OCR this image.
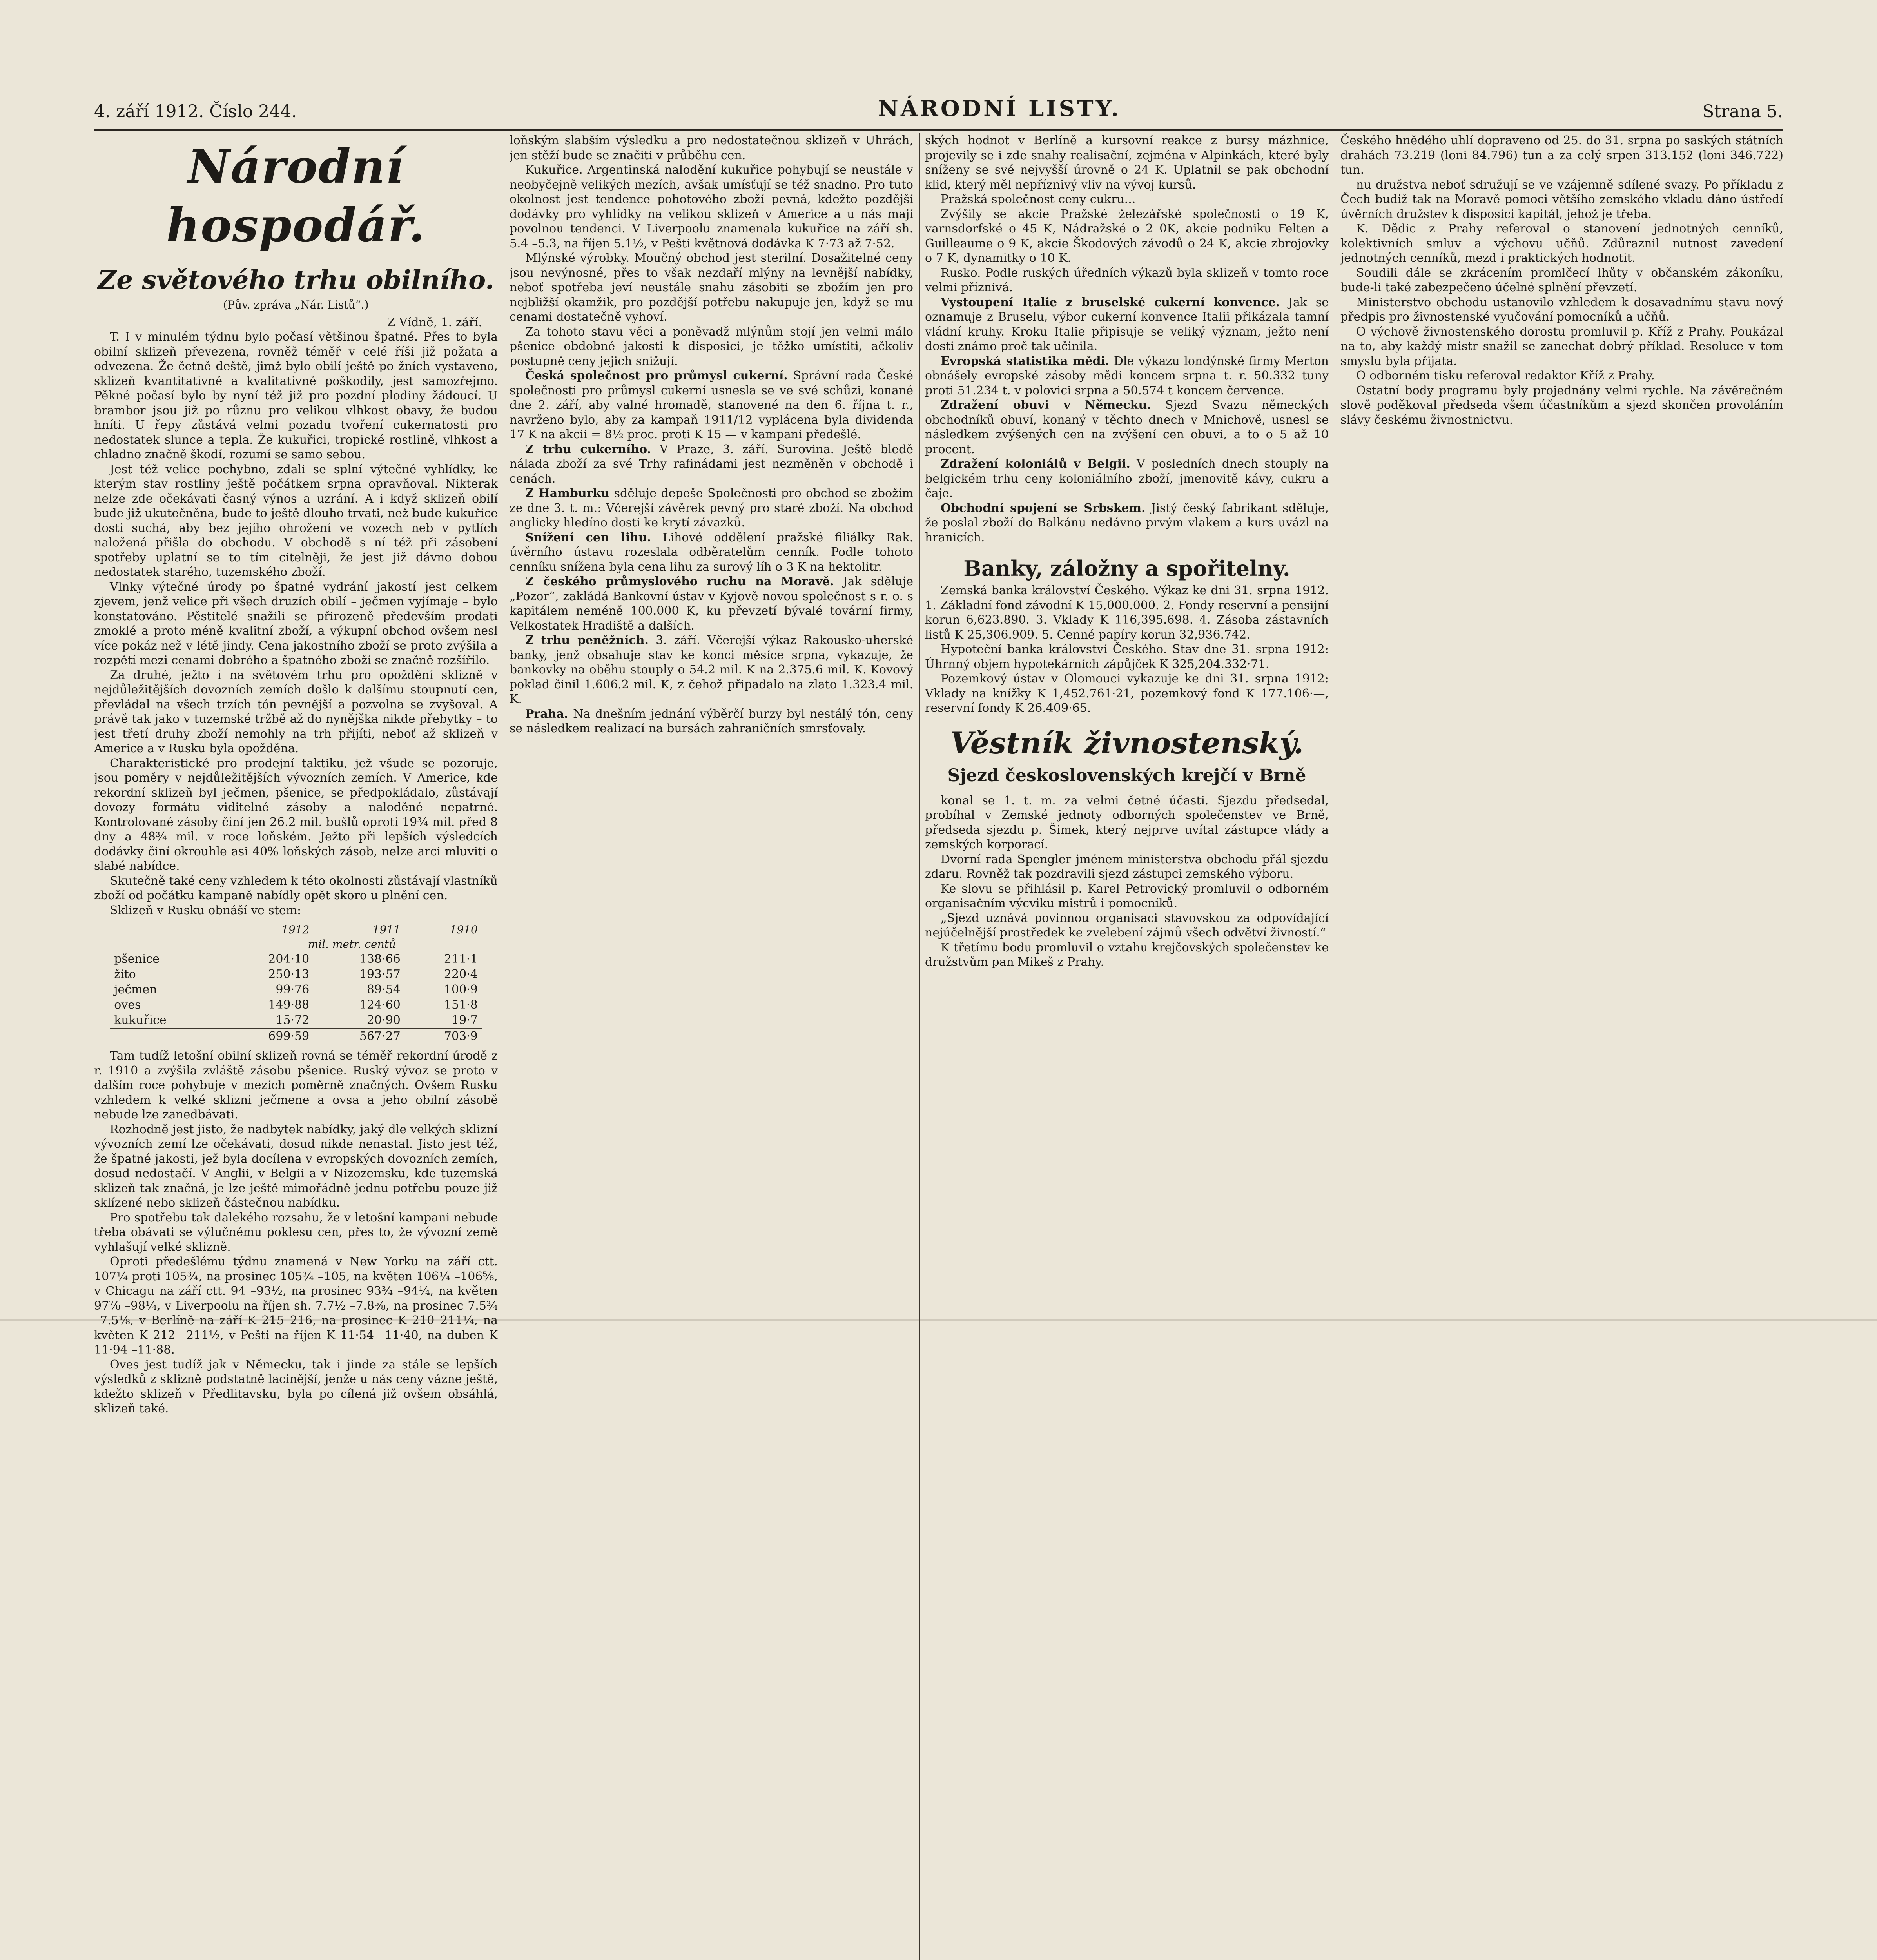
4. září 1912. Číslo 244.	NÁRODNÍ LISTY.	Strana 5.
Národní hospodář.
Ze světového trhu obilního.
(Pův. zpráva „Nár. Listů“.)
Z Vídně, 1. září.

T. I v minulém týdnu bylo počasí většinou špatné. Přes to byla obilní sklizeň převezena, rovněž téměř v celé říši již požata a odvezena. Že četně deště, jimž bylo obilí ještě po žních vystaveno, sklizeň kvantitativně a kvalitativně poškodily, jest samozřejmo. Pěkné počasí bylo by nyní též již pro pozdní plodiny žádoucí. U brambor jsou již po různu pro velikou vlhkost obavy, že budou hníti. U řepy zůstává velmi pozadu tvoření cukernatosti pro nedostatek slunce a tepla. Že kukuřici, tropické rostlině, vlhkost a chladno značně škodí, rozumí se samo sebou.

Jest též velice pochybno, zdali se splní výtečné vyhlídky, ke kterým stav rostliny ještě počátkem srpna opravňoval. Nikterak nelze zde očekávati časný výnos a uzrání. A i když sklizeň obilí bude již ukutečněna, bude to ještě dlouho trvati, než bude kukuřice dosti suchá, aby bez jejího ohrožení ve vozech neb v pytlích naložená přišla do obchodu. V obchodě s ní též při zásobení spotřeby uplatní se to tím citelněji, že jest již dávno dobou nedostatek starého, tuzemského zboží.

Vlnky výtečné úrody po špatné vydrání jakostí jest celkem zjevem, jenž velice při všech druzích obilí – ječmen vyjímaje – bylo konstatováno. Pěstitelé snažili se přirozeně především prodati zmoklé a proto méně kvalitní zboží, a výkupní obchod ovšem nesl více pokáz než v létě jindy. Cena jakostního zboží se proto zvýšila a rozpětí mezi cenami dobrého a špatného zboží se značně rozšířilo.

Za druhé, ježto i na světovém trhu pro opoždění sklizně v nejdůležitějších dovozních zemích došlo k dalšímu stoupnutí cen, převládal na všech trzích tón pevnější a pozvolna se zvyšoval. A právě tak jako v tuzemské tržbě až do nynějška nikde přebytky – to jest třetí druhy zboží nemohly na trh přijíti, neboť až sklizeň v Americe a v Rusku byla opožděna.

Charakteristické pro prodejní taktiku, jež všude se pozoruje, jsou poměry v nejdůležitějších vývozních zemích. V Americe, kde rekordní sklizeň byl ječmen, pšenice, se předpokládalo, zůstávají dovozy formátu viditelné zásoby a naloděné nepatrné. Kontrolované zásoby činí jen 26.2 mil. bušlů oproti 19¾ mil. před 8 dny a 48¾ mil. v roce loňském. Ježto při lepších výsledcích dodávky činí okrouhle asi 40% loňských zásob, nelze arci mluviti o slabé nabídce.

Skutečně také ceny vzhledem k této okolnosti zůstávají vlastníků zboží od počátku kampaně nabídly opět skoro u plnění cen.

Sklizeň v Rusku obnáší ve stem:

	1912	1911	1910
	mil. metr. centů		
pšenice	204·10	138·66	211·1
žito	250·13	193·57	220·4
ječmen	99·76	89·54	100·9
oves	149·88	124·60	151·8
kukuřice	15·72	20·90	19·7
	699·59	567·27	703·9

Tam tudíž letošní obilní sklizeň rovná se téměř rekordní úrodě z r. 1910 a zvýšila zvláště zásobu pšenice. Ruský vývoz se proto v dalším roce pohybuje v mezích poměrně značných. Ovšem Rusku vzhledem k velké sklizni ječmene a ovsa a jeho obilní zásobě nebude lze zanedbávati.

Rozhodně jest jisto, že nadbytek nabídky, jaký dle velkých sklizní vývozních zemí lze očekávati, dosud nikde nenastal. Jisto jest též, že špatné jakosti, jež byla docílena v evropských dovozních zemích, dosud nedostačí. V Anglii, v Belgii a v Nizozemsku, kde tuzemská sklizeň tak značná, je lze ještě mimořádně jednu potřebu pouze již sklízené nebo sklizeň částečnou nabídku.

Pro spotřebu tak dalekého rozsahu, že v letošní kampani nebude třeba obávati se výlučnému poklesu cen, přes to, že vývozní země vyhlašují velké sklizně.

Oproti předešlému týdnu znamená v New Yorku na září ctt. 107¼ proti 105¾, na prosinec 105¾ –105, na květen 106¼ –106⅝, v Chicagu na září ctt. 94 –93½, na prosinec 93¾ –94¼, na květen 97⅞ –98¼, v Liverpoolu na říjen sh. 7.7½ –7.8⅝, na prosinec 7.5¾ –7.5⅛, v Berlíně na září K 215–216, na prosinec K 210–211¼, na květen K 212 –211½, v Pešti na říjen K 11·54 –11·40, na duben K 11·94 –11·88.

Oves jest tudíž jak v Německu, tak i jinde za stále se lepších výsledků z sklizně podstatně lacinější, jenže u nás ceny vázne ještě, kdežto sklizeň v Předlitavsku, byla po cílená již ovšem obsáhlá, sklizeň také.

loňským slabším výsledku a pro nedostatečnou sklizeň v Uhrách, jen stěží bude se značiti v průběhu cen.

Kukuřice. Argentinská nalodění kukuřice pohybují se neustále v neobyčejně velikých mezích, avšak umísťují se též snadno. Pro tuto okolnost jest tendence pohotového zboží pevná, kdežto pozdější dodávky pro vyhlídky na velikou sklizeň v Americe a u nás mají povolnou tendenci. V Liverpoolu znamenala kukuřice na září sh. 5.4 –5.3, na říjen 5.1½, v Pešti květnová dodávka K 7·73 až 7·52.

Mlýnské výrobky. Moučný obchod jest sterilní. Dosažitelné ceny jsou nevýnosné, přes to však nezdaří mlýny na levnější nabídky, neboť spotřeba jeví neustále snahu zásobiti se zbožím jen pro nejbližší okamžik, pro pozdější potřebu nakupuje jen, když se mu cenami dostatečně vyhoví.

Za tohoto stavu věci a poněvadž mlýnům stojí jen velmi málo pšenice obdobné jakosti k disposici, je těžko umístiti, ačkoliv postupně ceny jejich snižují.

Česká společnost pro průmysl cukerní. Správní rada České společnosti pro průmysl cukerní usnesla se ve své schůzi, konané dne 2. září, aby valné hromadě, stanovené na den 6. října t. r., navrženo bylo, aby za kampaň 1911/12 vyplácena byla dividenda 17 K na akcii = 8½ proc. proti K 15 — v kampani předešlé.

Z trhu cukerního. V Praze, 3. září. Surovina. Ještě bledě nálada zboží za své Trhy rafinádami jest nezměněn v obchodě i cenách.

Z Hamburku sděluje depeše Společnosti pro obchod se zbožím ze dne 3. t. m.: Včerejší závěrek pevný pro staré zboží. Na obchod anglicky hledíno dosti ke krytí závazků.

Snížení cen lihu. Lihové oddělení pražské filiálky Rak. úvěrního ústavu rozeslala odběratelům cenník. Podle tohoto cenníku snížena byla cena lihu za surový líh o 3 K na hektolitr.

Z českého průmyslového ruchu na Moravě. Jak sděluje „Pozor“, zakládá Bankovní ústav v Kyjově novou společnost s r. o. s kapitálem neméně 100.000 K, ku převzetí bývalé tovární firmy, Velkostatek Hradiště a dalších.

Z trhu peněžních. 3. září. Včerejší výkaz Rakousko-uherské banky, jenž obsahuje stav ke konci měsíce srpna, vykazuje, že bankovky na oběhu stouply o 54.2 mil. K na 2.375.6 mil. K. Kovový poklad činil 1.606.2 mil. K, z čehož připadalo na zlato 1.323.4 mil. K.

Praha. Na dnešním jednání výběrčí burzy byl nestálý tón, ceny se následkem realizací na bursách zahraničních smrsťovaly.

ských hodnot v Berlíně a kursovní reakce z bursy mázhnice, projevily se i zde snahy realisační, zejména v Alpinkách, které byly sníženy se své nejvyšší úrovně o 24 K. Uplatnil se pak obchodní klid, který měl nepříznivý vliv na vývoj kursů.

Pražská společnost ceny cukru...

Zvýšily se akcie Pražské železářské společnosti o 19 K, varnsdorfské o 45 K, Nádražské o 2 0K, akcie podniku Felten a Guilleaume o 9 K, akcie Škodových závodů o 24 K, akcie zbrojovky o 7 K, dynamitky o 10 K.

Rusko. Podle ruských úředních výkazů byla sklizeň v tomto roce velmi příznivá.

Vystoupení Italie z bruselské cukerní konvence. Jak se oznamuje z Bruselu, výbor cukerní konvence Italii přikázala tamní vládní kruhy. Kroku Italie připisuje se veliký význam, ježto není dosti známo proč tak učinila.

Evropská statistika mědi. Dle výkazu londýnské firmy Merton obnášely evropské zásoby mědi koncem srpna t. r. 50.332 tuny proti 51.234 t. v polovici srpna a 50.574 t koncem července.

Zdražení obuvi v Německu. Sjezd Svazu německých obchodníků obuví, konaný v těchto dnech v Mnichově, usnesl se následkem zvýšených cen na zvýšení cen obuvi, a to o 5 až 10 procent.

Zdražení koloniálů v Belgii. V posledních dnech stouply na belgickém trhu ceny koloniálního zboží, jmenovitě kávy, cukru a čaje.

Obchodní spojení se Srbskem. Jistý český fabrikant sděluje, že poslal zboží do Balkánu nedávno prvým vlakem a kurs uvázl na hranicích.

Banky, záložny a spořitelny.

Zemská banka království Českého. Výkaz ke dni 31. srpna 1912. 1. Základní fond závodní K 15,000.000. 2. Fondy reservní a pensijní korun 6,623.890. 3. Vklady K 116,395.698. 4. Zásoba zástavních listů K 25,306.909. 5. Cenné papíry korun 32,936.742.

Hypoteční banka království Českého. Stav dne 31. srpna 1912: Úhrnný objem hypotekárních zápůjček K 325,204.332·71.

Pozemkový ústav v Olomouci vykazuje ke dni 31. srpna 1912: Vklady na knížky K 1,452.761·21, pozemkový fond K 177.106·—, reservní fondy K 26.409·65.

Věstník živnostenský.
Sjezd československých krejčí v Brně

konal se 1. t. m. za velmi četné účasti. Sjezdu předsedal, probíhal v Zemské jednoty odborných společenstev ve Brně, předseda sjezdu p. Šimek, který nejprve uvítal zástupce vlády a zemských korporací.

Dvorní rada Spengler jménem ministerstva obchodu přál sjezdu zdaru. Rovněž tak pozdravili sjezd zástupci zemského výboru.

Ke slovu se přihlásil p. Karel Petrovický promluvil o odborném organisačním výcviku mistrů i pomocníků.

„Sjezd uznává povinnou organisaci stavovskou za odpovídající nejúčelnější prostředek ke zvelebení zájmů všech odvětví živností.“

K třetímu bodu promluvil o vztahu krejčovských společenstev ke družstvům pan Mikeš z Prahy.

Českého hnědého uhlí dopraveno od 25. do 31. srpna po saských státních drahách 73.219 (loni 84.796) tun a za celý srpen 313.152 (loni 346.722) tun.

nu družstva neboť sdružují se ve vzájemně sdílené svazy. Po příkladu z Čech budiž tak na Moravě pomoci většího zemského vkladu dáno ústředí úvěrních družstev k disposici kapitál, jehož je třeba.

K. Dědic z Prahy referoval o stanovení jednotných cenníků, kolektivních smluv a výchovu učňů. Zdůraznil nutnost zavedení jednotných cenníků, mezd i praktických hodnotit.

Soudili dále se zkrácením promlčecí lhůty v občanském zákoníku, bude-li také zabezpečeno účelné splnění převzetí.

Ministerstvo obchodu ustanovilo vzhledem k dosavadnímu stavu nový předpis pro živnostenské vyučování pomocníků a učňů.

O výchově živnostenského dorostu promluvil p. Kříž z Prahy. Poukázal na to, aby každý mistr snažil se zanechat dobrý příklad. Resoluce v tom smyslu byla přijata.

O odborném tisku referoval redaktor Kříž z Prahy.

Ostatní body programu byly projednány velmi rychle. Na závěrečném slově poděkoval předseda všem účastníkům a sjezd skončen provoláním slávy českému živnostnictvu.
